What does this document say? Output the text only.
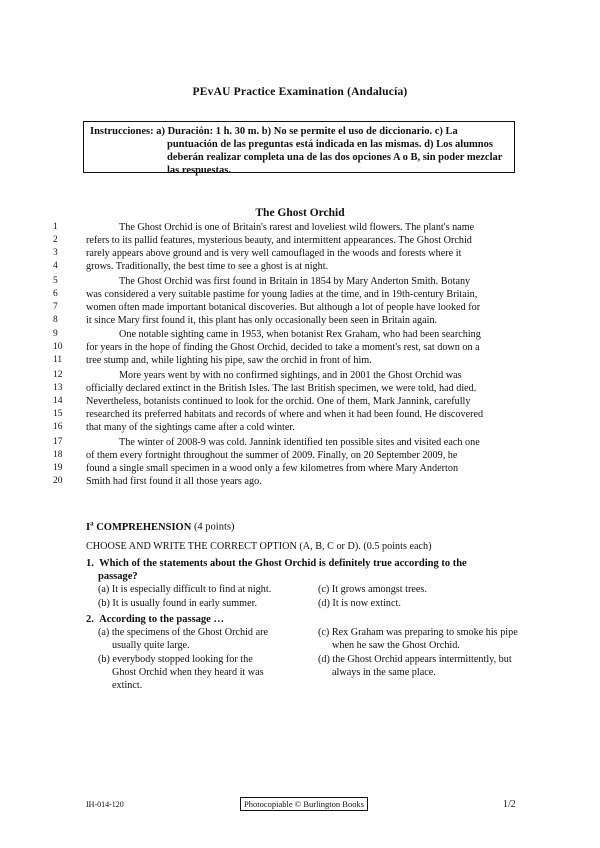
PEvAU Practice Examination (Andalucía)
Instrucciones: a) Duración: 1 h. 30 m. b) No se permite el uso de diccionario. c) La
puntuación de las preguntas está indicada en las mismas. d) Los alumnos
deberán realizar completa una de las dos opciones A o B, sin poder mezclar
las respuestas.
The Ghost Orchid
1	The Ghost Orchid is one of Britain's rarest and loveliest wild flowers. The plant's name
2	refers to its pallid features, mysterious beauty, and intermittent appearances. The Ghost Orchid
3	rarely appears above ground and is very well camouflaged in the woods and forests where it
4	grows. Traditionally, the best time to see a ghost is at night.
5	The Ghost Orchid was first found in Britain in 1854 by Mary Anderton Smith. Botany
6	was considered a very suitable pastime for young ladies at the time, and in 19th-century Britain,
7	women often made important botanical discoveries. But although a lot of people have looked for
8	it since Mary first found it, this plant has only occasionally been seen in Britain again.
9	One notable sighting came in 1953, when botanist Rex Graham, who had been searching
10	for years in the hope of finding the Ghost Orchid, decided to take a moment's rest, sat down on a
11	tree stump and, while lighting his pipe, saw the orchid in front of him.
12	More years went by with no confirmed sightings, and in 2001 the Ghost Orchid was
13	officially declared extinct in the British Isles. The last British specimen, we were told, had died.
14	Nevertheless, botanists continued to look for the orchid. One of them, Mark Jannink, carefully
15	researched its preferred habitats and records of where and when it had been found. He discovered
16	that many of the sightings came after a cold winter.
17	The winter of 2008-9 was cold. Jannink identified ten possible sites and visited each one
18	of them every fortnight throughout the summer of 2009. Finally, on 20 September 2009, he
19	found a single small specimen in a wood only a few kilometres from where Mary Anderton
20	Smith had first found it all those years ago.
$I^a$ COMPREHENSION (4 points)
CHOOSE AND WRITE THE CORRECT OPTION (A, B, C or D). (0.5 points each)
1. Which of the statements about the Ghost Orchid is definitely true according to the
passage?
(a) It is especially difficult to find at night.
(b) It is usually found in early summer.
(c) It grows amongst trees.
(d) It is now extinct.
2. According to the passage …
(a) the specimens of the Ghost Orchid are
usually quite large.
(b) everybody stopped looking for the
Ghost Orchid when they heard it was
extinct.
(c) Rex Graham was preparing to smoke his pipe
when he saw the Ghost Orchid.
(d) the Ghost Orchid appears intermittently, but
always in the same place.
IH-014-120	Photocopiable © Burlington Books	1/2
